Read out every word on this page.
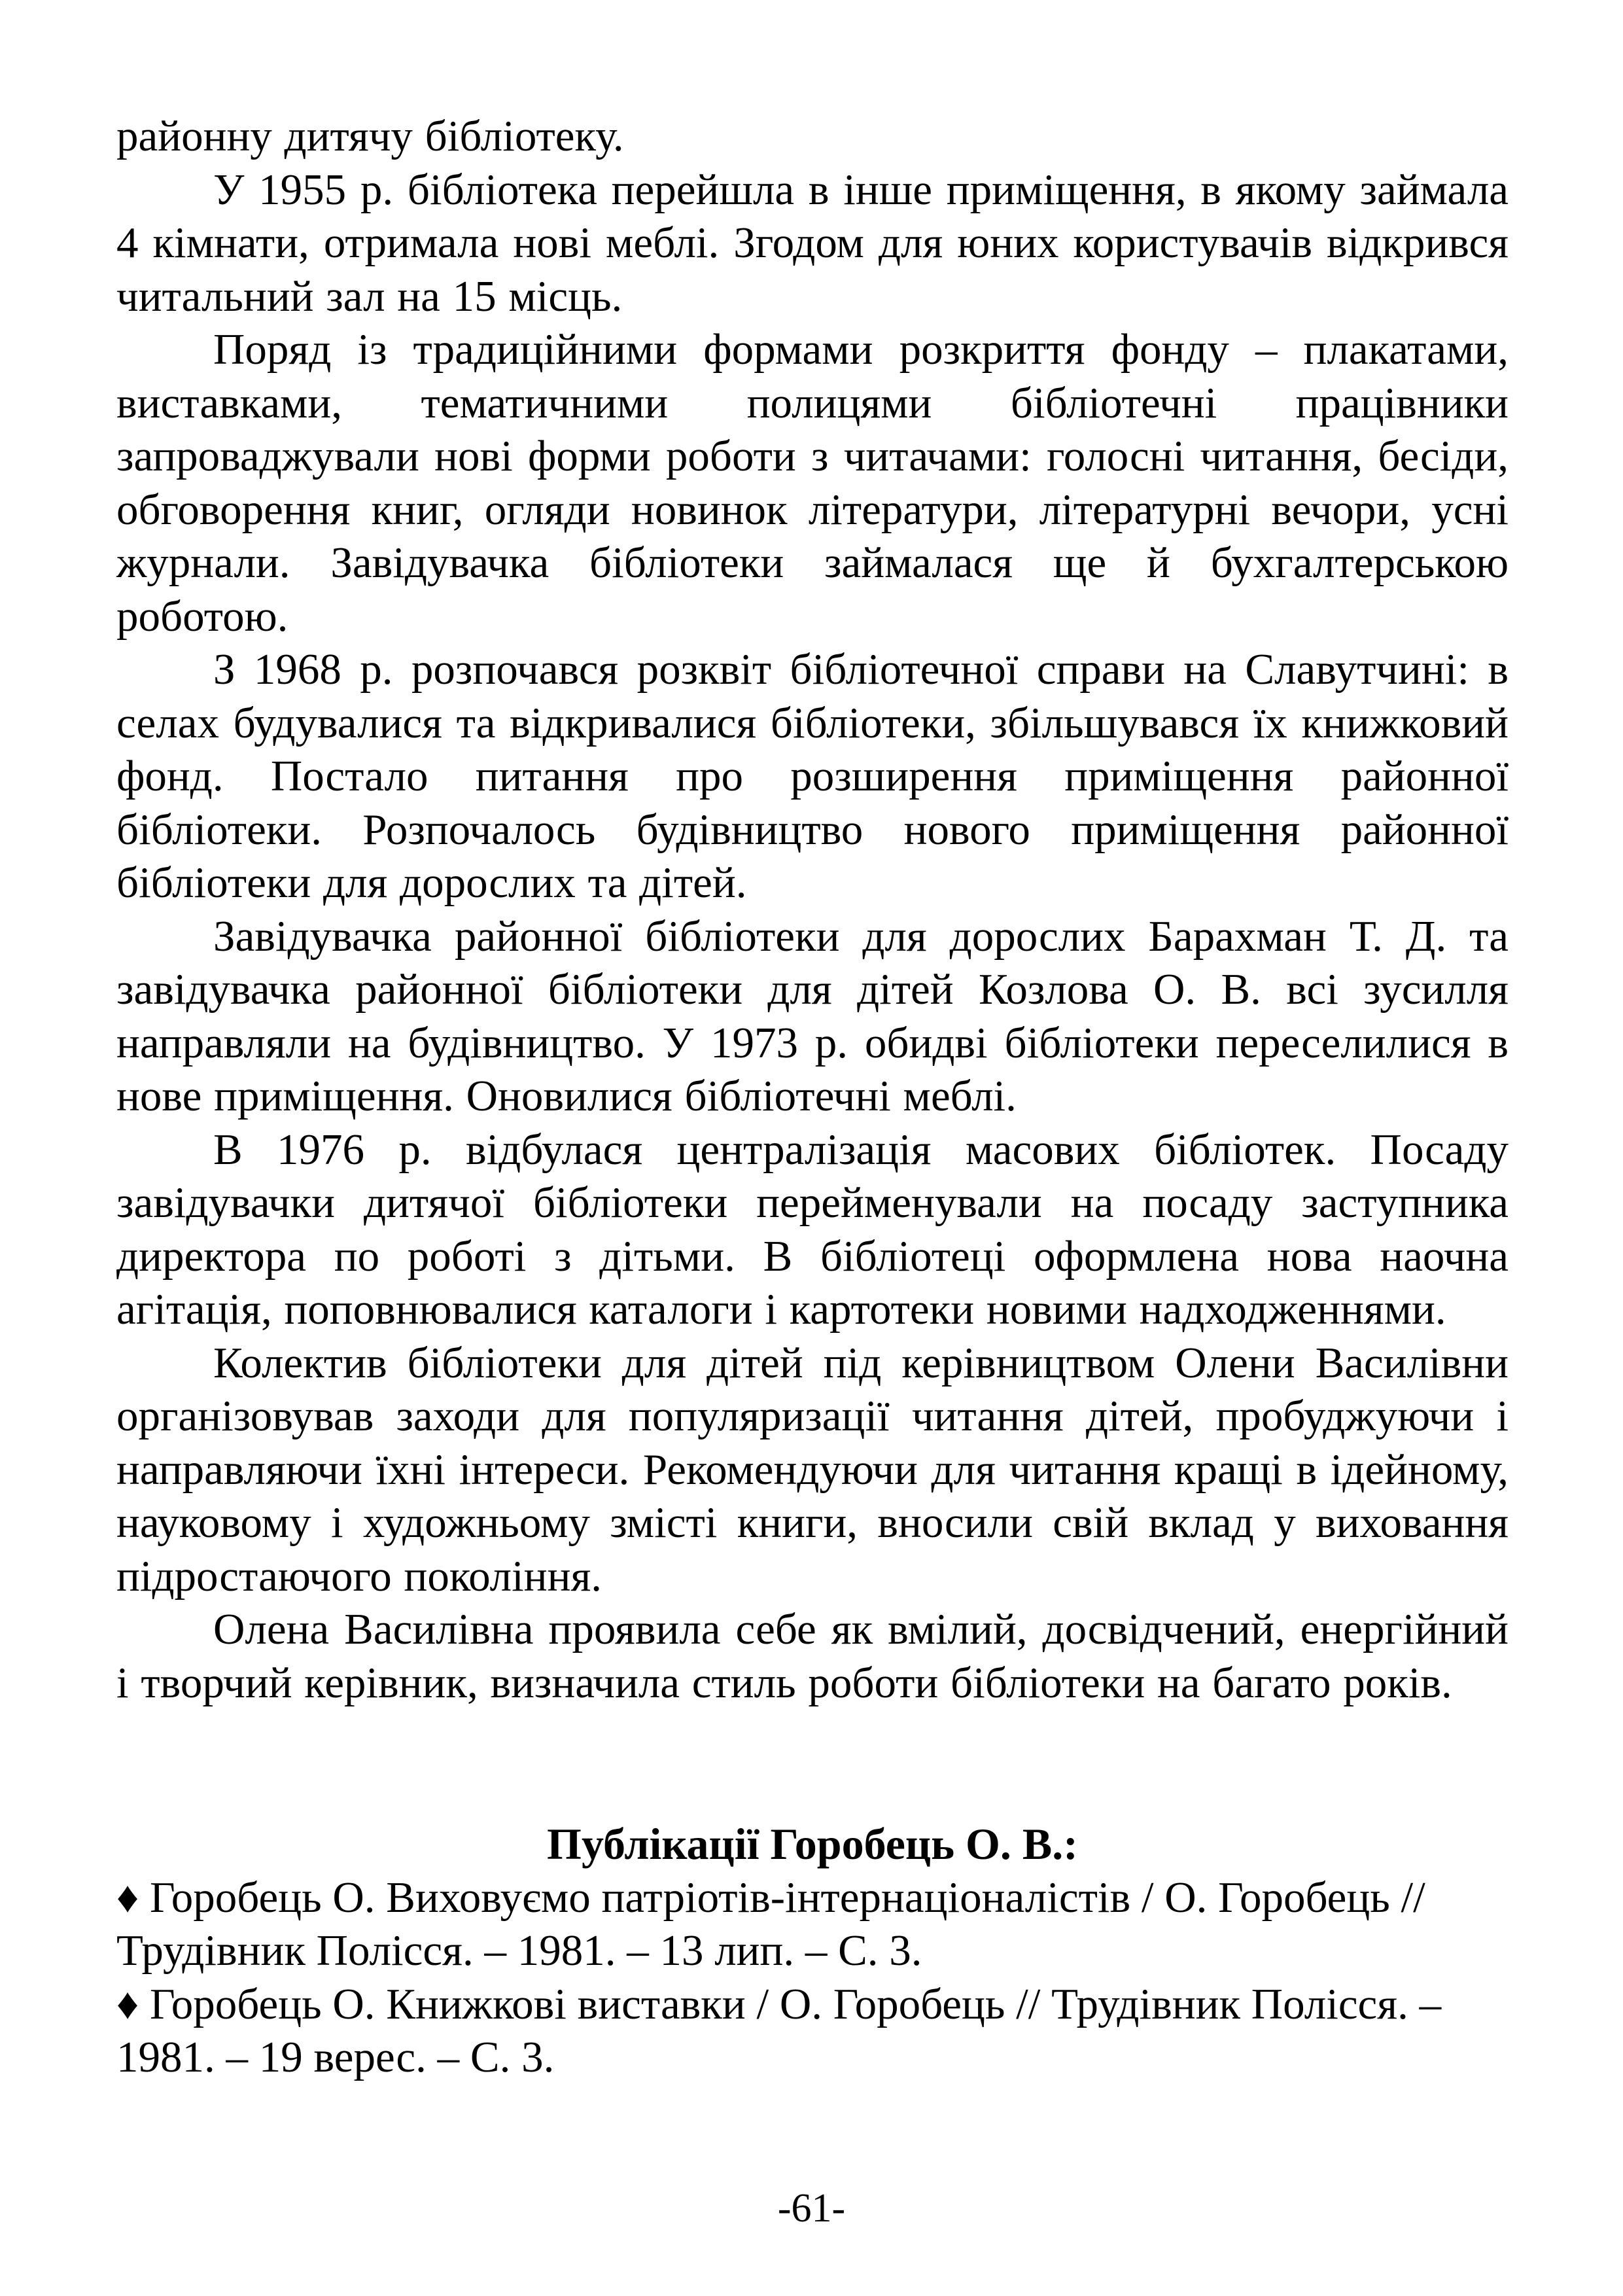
районну дитячу бібліотеку.

У 1955 р. бібліотека перейшла в інше приміщення, в якому займала 4 кімнати, отримала нові меблі. Згодом для юних користувачів відкрився читальний зал на 15 місць.

Поряд із традиційними формами розкриття фонду – плакатами, виставками, тематичними полицями бібліотечні працівники запроваджували нові форми роботи з читачами: голосні читання, бесіди, обговорення книг, огляди новинок літератури, літературні вечори, усні журнали. Завідувачка бібліотеки займалася ще й бухгалтерською роботою.

З 1968 р. розпочався розквіт бібліотечної справи на Славутчині: в селах будувалися та відкривалися бібліотеки, збільшувався їх книжковий фонд. Постало питання про розширення приміщення районної бібліотеки. Розпочалось будівництво нового приміщення районної бібліотеки для дорослих та дітей.

Завідувачка районної бібліотеки для дорослих Барахман Т. Д. та завідувачка районної бібліотеки для дітей Козлова О. В. всі зусилля направляли на будівництво. У 1973 р. обидві бібліотеки переселилися в нове приміщення. Оновилися бібліотечні меблі.

В 1976 р. відбулася централізація масових бібліотек. Посаду завідувачки дитячої бібліотеки перейменували на посаду заступника директора по роботі з дітьми. В бібліотеці оформлена нова наочна агітація, поповнювалися каталоги і картотеки новими надходженнями.

Колектив бібліотеки для дітей під керівництвом Олени Василівни організовував заходи для популяризації читання дітей, пробуджуючи і направляючи їхні інтереси. Рекомендуючи для читання кращі в ідейному, науковому і художньому змісті книги, вносили свій вклад у виховання підростаючого покоління.

Олена Василівна проявила себе як вмілий, досвідчений, енергійний і творчий керівник, визначила стиль роботи бібліотеки на багато років.

Публікації Горобець О. В.:

♦ Горобець О. Виховуємо патріотів-інтернаціоналістів / О. Горобець // Трудівник Полісся. – 1981. – 13 лип. – С. 3.

♦ Горобець О. Книжкові виставки / О. Горобець // Трудівник Полісся. – 1981. – 19 верес. – С. 3.

-61-
